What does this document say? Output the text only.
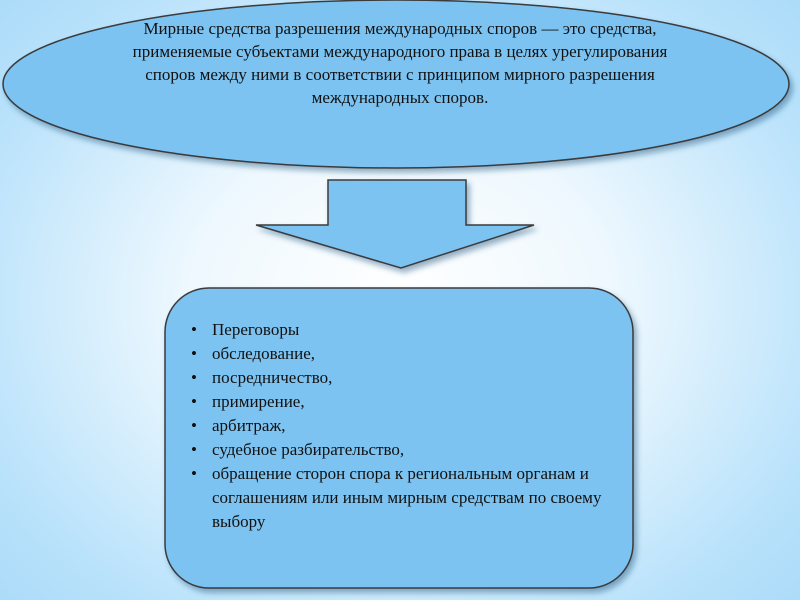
Мирные средства разрешения международных споров — это средства, применяемые субъектами международного права в целях урегулирования споров между ними в соответствии с принципом мирного разрешения международных споров.
• Переговоры
• обследование,
• посредничество,
• примирение,
• арбитраж,
• судебное разбирательство,
• обращение сторон спора к региональным органам и соглашениям или иным мирным средствам по своему выбору
